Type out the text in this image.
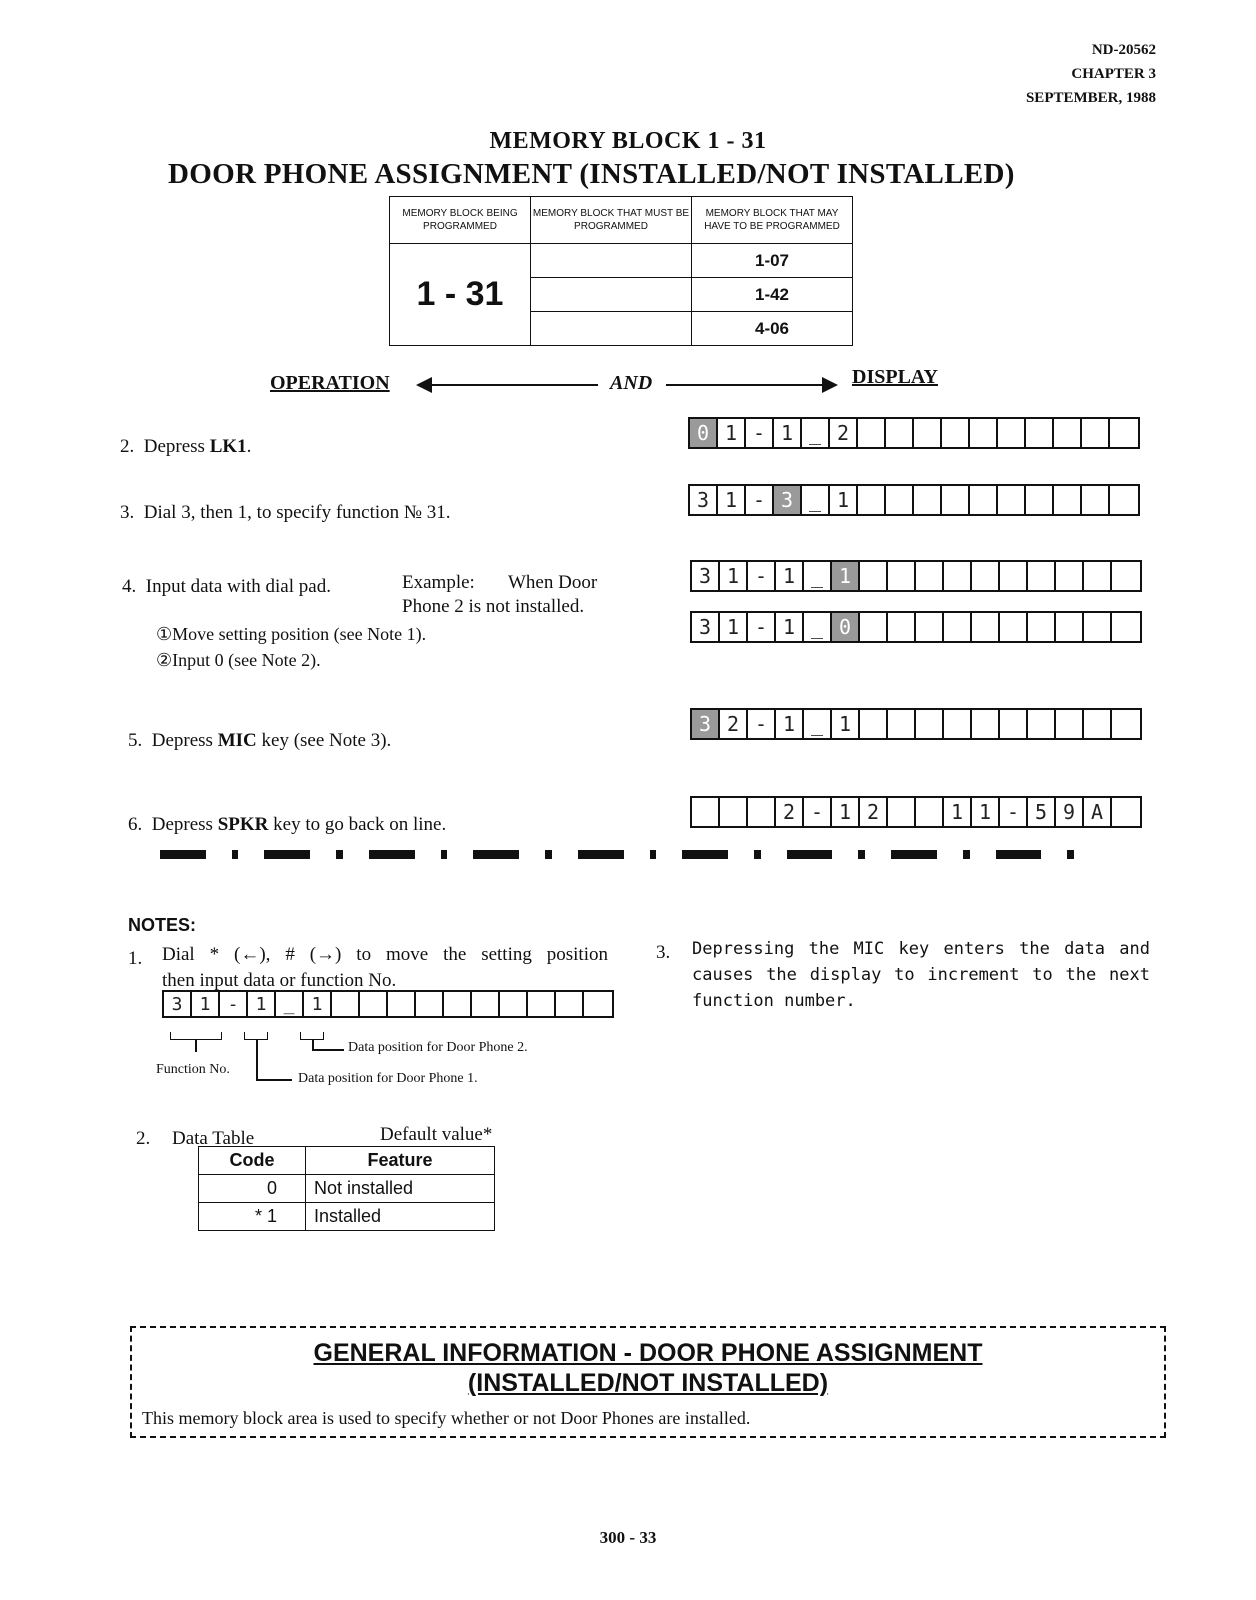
ND-20562
CHAPTER 3
SEPTEMBER, 1988
MEMORY BLOCK 1 - 31
DOOR PHONE ASSIGNMENT (INSTALLED/NOT INSTALLED)
MEMORY BLOCK BEING PROGRAMMED	MEMORY BLOCK THAT MUST BE PROGRAMMED	MEMORY BLOCK THAT MAY HAVE TO BE PROGRAMMED
1 - 31		1-07
		1-42
		4-06
OPERATION	AND	DISPLAY
2. Depress LK1.
0 1 - 1 _ 2
3. Dial 3, then 1, to specify function № 31.
3 1 - 3 _ 1
4. Input data with dial pad.	Example: When Door
Phone 2 is not installed.
①Move setting position (see Note 1).
②Input 0 (see Note 2).
3 1 - 1 _ 1
3 1 - 1 _ 0
5. Depress MIC key (see Note 3).
3 2 - 1 _ 1
6. Depress SPKR key to go back on line.
2 - 1 2	1 1 - 5 9 A
NOTES:
1. Dial * (←), # (→) to move the setting position
then input data or function No.
3 1 - 1 _ 1
Data position for Door Phone 2.
Function No.
Data position for Door Phone 1.
2. Data Table	Default value*
Code	Feature
0	Not installed
* 1	Installed
3. Depressing the MIC key enters the data and
causes the display to increment to the next
function number.
GENERAL INFORMATION - DOOR PHONE ASSIGNMENT
(INSTALLED/NOT INSTALLED)
This memory block area is used to specify whether or not Door Phones are installed.
300 - 33
